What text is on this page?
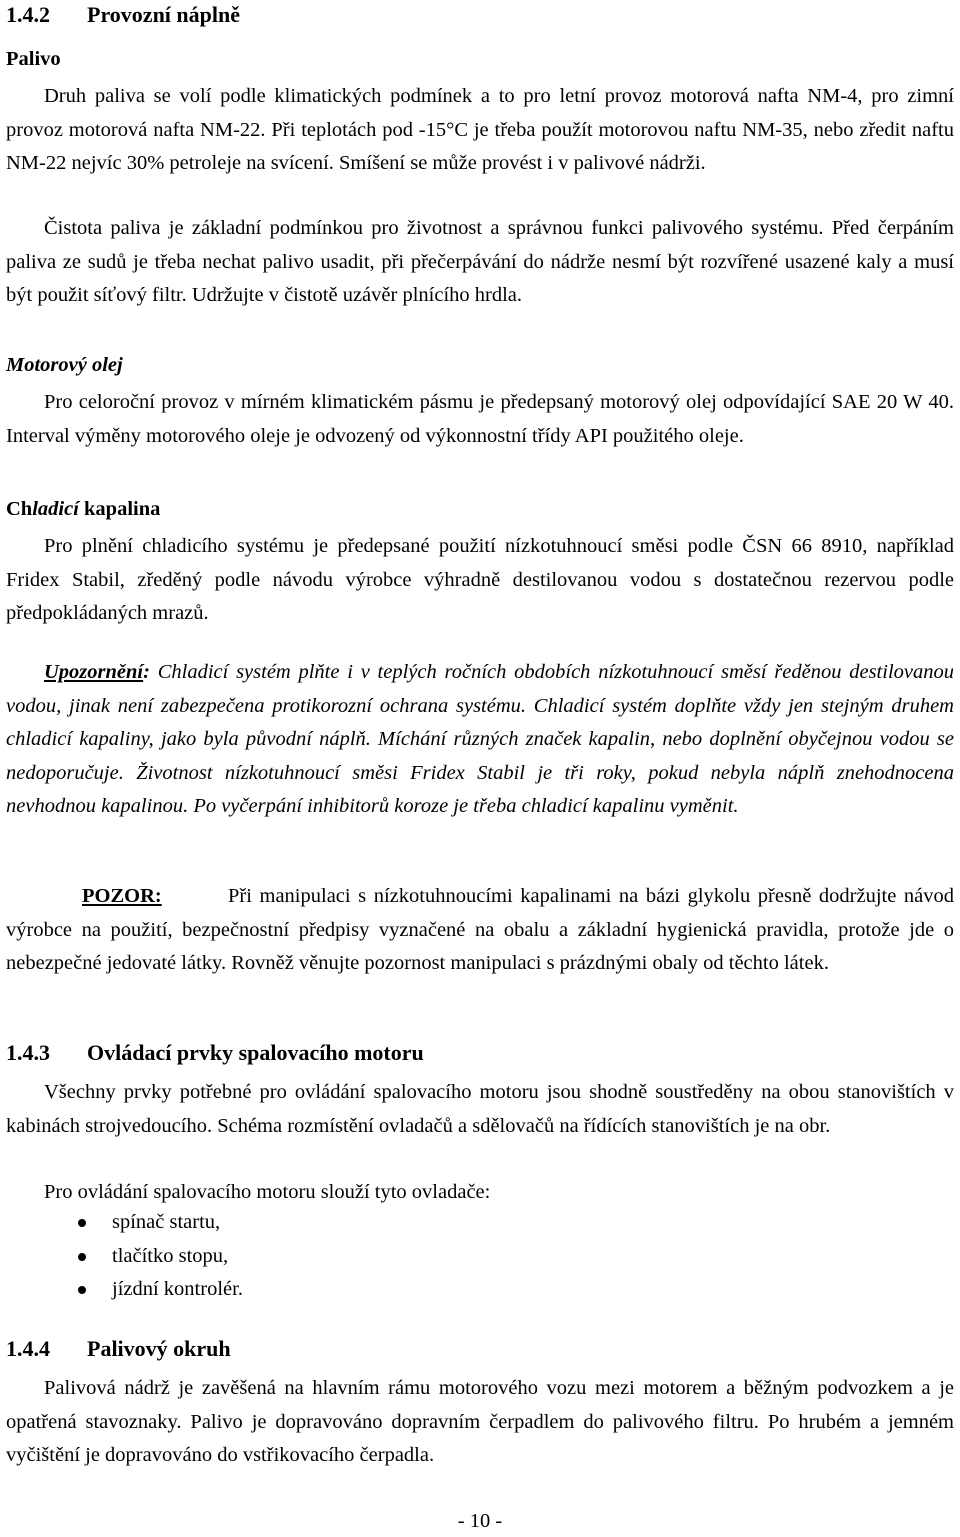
1.4.2 Provozní náplně
Palivo

Druh paliva se volí podle klimatických podmínek a to pro letní provoz motorová nafta NM-4, pro zimní provoz motorová nafta NM-22. Při teplotách pod -15°C je třeba použít motorovou naftu NM-35, nebo zředit naftu NM-22 nejvíc 30% petroleje na svícení. Smíšení se může provést i v palivové nádrži.

Čistota paliva je základní podmínkou pro životnost a správnou funkci palivového systému. Před čerpáním paliva ze sudů je třeba nechat palivo usadit, při přečerpávání do nádrže nesmí být rozvířené usazené kaly a musí být použit síťový filtr. Udržujte v čistotě uzávěr plnícího hrdla.

Motorový olej

Pro celoroční provoz v mírném klimatickém pásmu je předepsaný motorový olej odpovídající SAE 20 W 40. Interval výměny motorového oleje je odvozený od výkonnostní třídy API použitého oleje.

Chladicí kapalina

Pro plnění chladicího systému je předepsané použití nízkotuhnoucí směsi podle ČSN 66 8910, například Fridex Stabil, zředěný podle návodu výrobce výhradně destilovanou vodou s dostatečnou rezervou podle předpokládaných mrazů.

Upozornění: Chladicí systém plňte i v teplých ročních obdobích nízkotuhnoucí směsí ředěnou destilovanou vodou, jinak není zabezpečena protikorozní ochrana systému. Chladicí systém doplňte vždy jen stejným druhem chladicí kapaliny, jako byla původní náplň. Míchání různých značek kapalin, nebo doplnění obyčejnou vodou se nedoporučuje. Životnost nízkotuhnoucí směsi Fridex Stabil je tři roky, pokud nebyla náplň znehodnocena nevhodnou kapalinou. Po vyčerpání inhibitorů koroze je třeba chladicí kapalinu vyměnit.

POZOR:	Při manipulaci s nízkotuhnoucími kapalinami na bázi glykolu přesně dodržujte návod výrobce na použití, bezpečnostní předpisy vyznačené na obalu a základní hygienická pravidla, protože jde o nebezpečné jedovaté látky. Rovněž věnujte pozornost manipulaci s prázdnými obaly od těchto látek.

1.4.3 Ovládací prvky spalovacího motoru

Všechny prvky potřebné pro ovládání spalovacího motoru jsou shodně soustředěny na obou stanovištích v kabinách strojvedoucího. Schéma rozmístění ovladačů a sdělovačů na řídících stanovištích je na obr.

Pro ovládání spalovacího motoru slouží tyto ovladače:

spínač startu,
tlačítko stopu,
jízdní kontrolér.
1.4.4 Palivový okruh

Palivová nádrž je zavěšená na hlavním rámu motorového vozu mezi motorem a běžným podvozkem a je opatřená stavoznaky. Palivo je dopravováno dopravním čerpadlem do palivového filtru. Po hrubém a jemném vyčištění je dopravováno do vstřikovacího čerpadla.

- 10 -
